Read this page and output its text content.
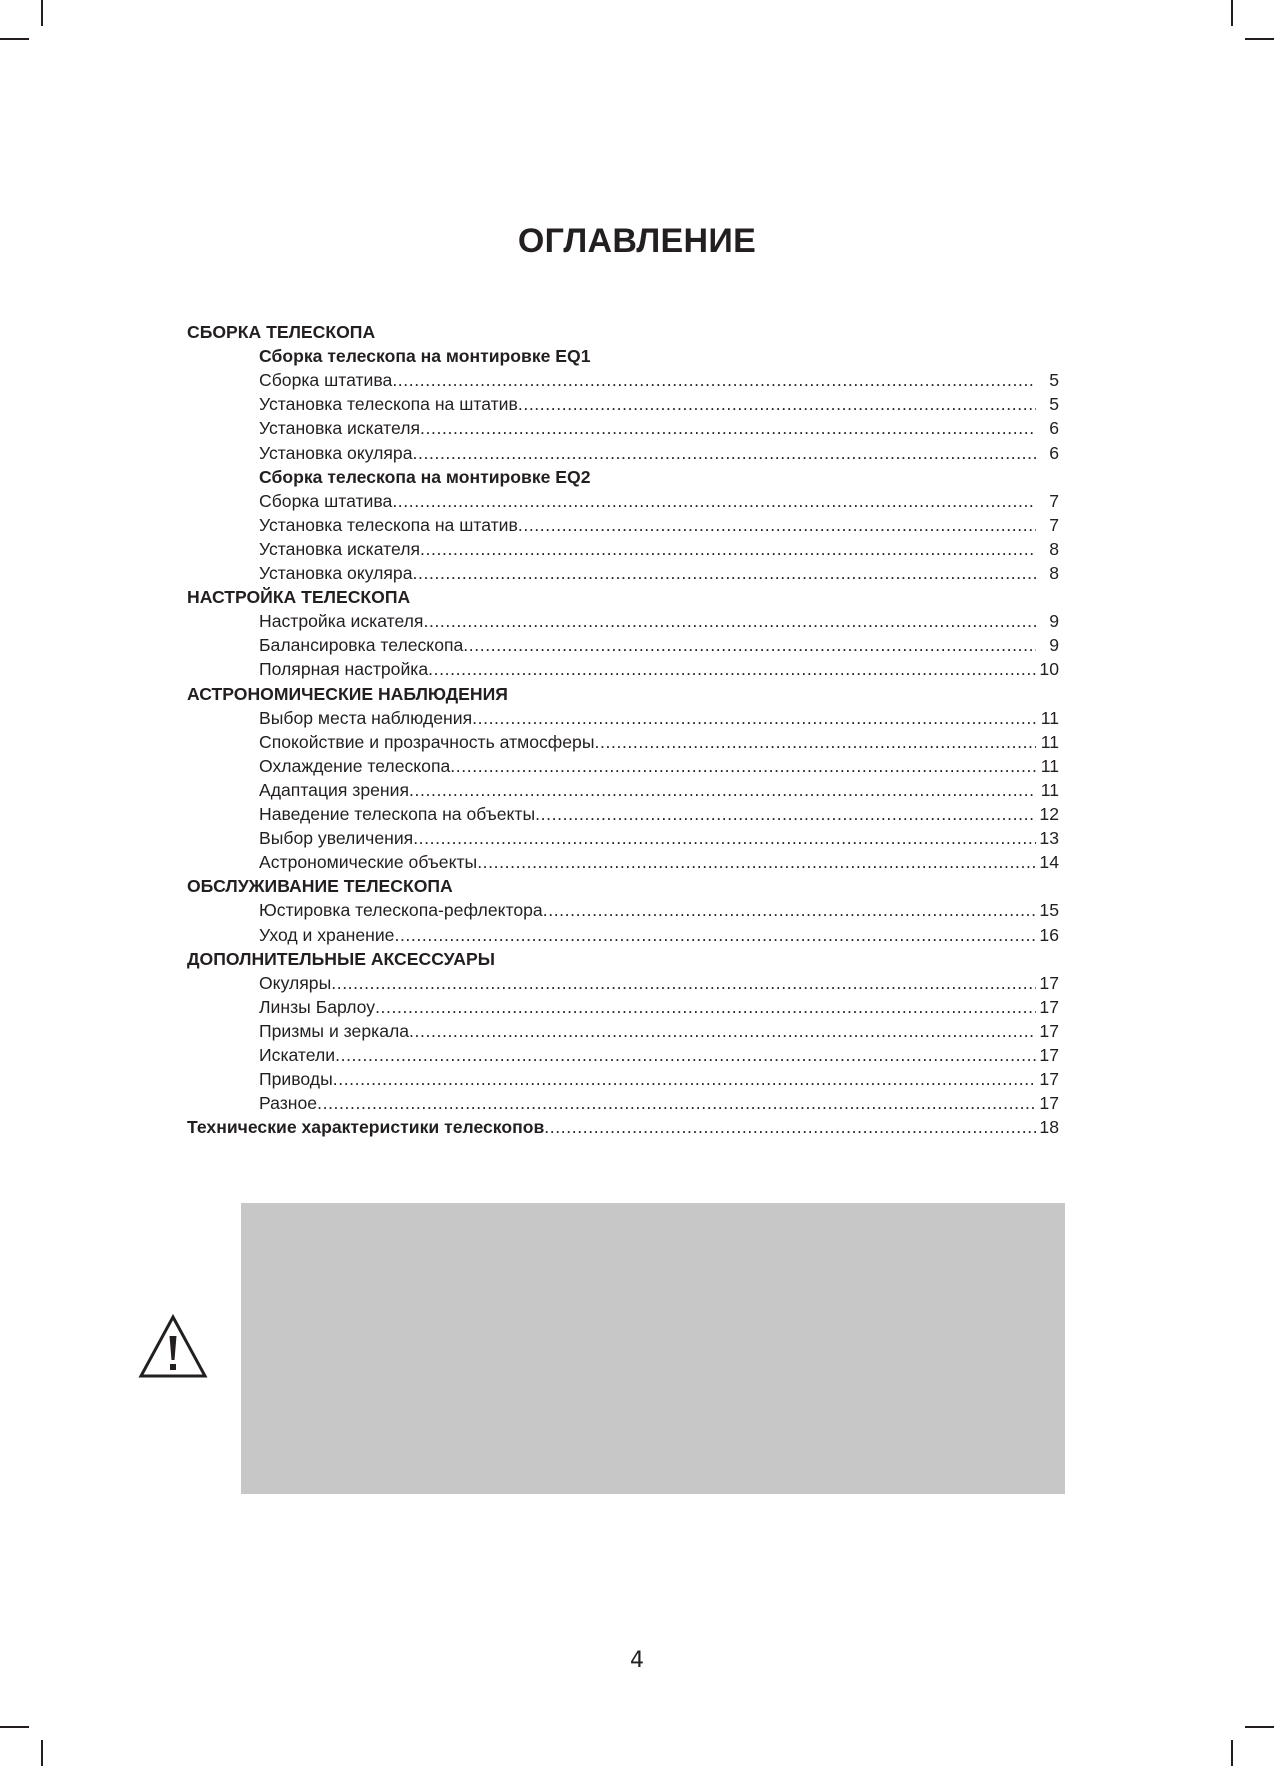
ОГЛАВЛЕНИЕ
СБОРКА ТЕЛЕСКОПА
Сборка телескопа на монтировке EQ1
Сборка штатива .....	5
Установка телескопа на штатив .....	5
Установка искателя .....	6
Установка окуляра .....	6
Сборка телескопа на монтировке EQ2
Сборка штатива .....	7
Установка телескопа на штатив .....	7
Установка искателя .....	8
Установка окуляра .....	8
НАСТРОЙКА ТЕЛЕСКОПА
Настройка искателя .....	9
Балансировка телескопа .....	9
Полярная настройка .....	10
АСТРОНОМИЧЕСКИЕ НАБЛЮДЕНИЯ
Выбор места наблюдения .....	11
Спокойствие и прозрачность атмосферы .....	11
Охлаждение телескопа .....	11
Адаптация зрения .....	11
Наведение телескопа на объекты .....	12
Выбор увеличения .....	13
Астрономические объекты .....	14
ОБСЛУЖИВАНИЕ ТЕЛЕСКОПА
Юстировка телескопа-рефлектора .....	15
Уход и хранение .....	16
ДОПОЛНИТЕЛЬНЫЕ АКСЕССУАРЫ
Окуляры .....	17
Линзы Барлоу .....	17
Призмы и зеркала .....	17
Искатели .....	17
Приводы .....	17
Разное .....	17
Технические характеристики телескопов .....	18
4
